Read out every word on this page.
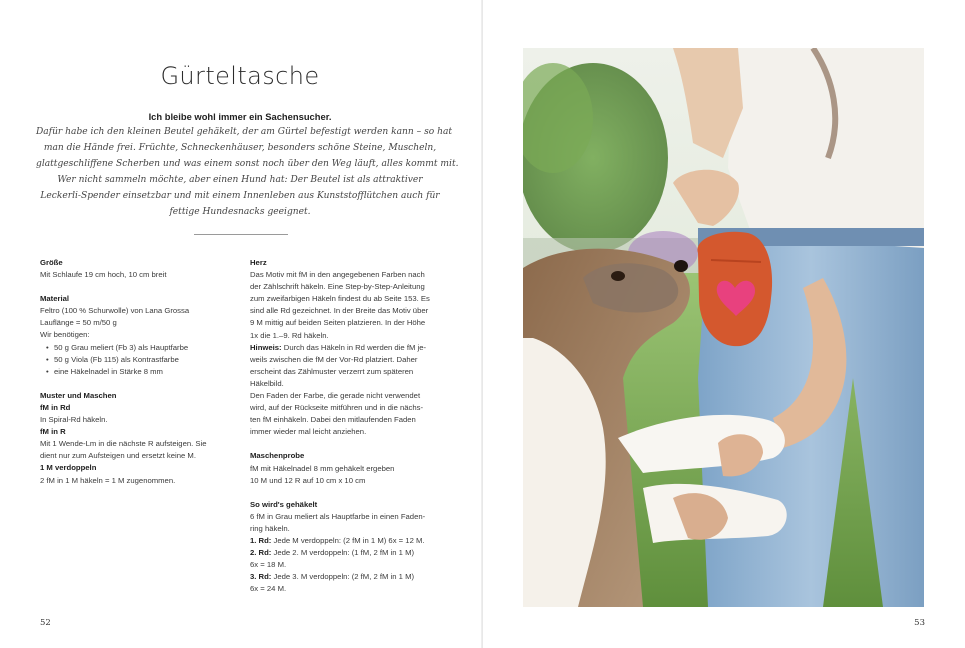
Gürteltasche
Ich bleibe wohl immer ein Sachensucher.
Dafür habe ich den kleinen Beutel gehäkelt, der am Gürtel befestigt werden kann – so hat
man die Hände frei. Früchte, Schneckenhäuser, besonders schöne Steine, Muscheln,
glattgeschliffene Scherben und was einem sonst noch über den Weg läuft, alles kommt mit.
Wer nicht sammeln möchte, aber einen Hund hat: Der Beutel ist als attraktiver
Leckerli-Spender einsetzbar und mit einem Innenleben aus Kunststofflütchen auch für
fettige Hundesnacks geeignet.
Größe
Mit Schlaufe 19 cm hoch, 10 cm breit
Material
Feltro (100 % Schurwolle) von Lana Grossa
Lauflänge = 50 m/50 g
Wir benötigen:
• 50 g Grau meliert (Fb 3) als Hauptfarbe
• 50 g Viola (Fb 115) als Kontrastfarbe
• eine Häkelnadel in Stärke 8 mm
Muster und Maschen
fM in Rd
In Spiral-Rd häkeln.
fM in R
Mit 1 Wende-Lm in die nächste R aufsteigen. Sie
dient nur zum Aufsteigen und ersetzt keine M.
1 M verdoppeln
2 fM in 1 M häkeln = 1 M zugenommen.
Herz
Das Motiv mit fM in den angegebenen Farben nach
der Zählschrift häkeln. Eine Step-by-Step-Anleitung
zum zweifarbigen Häkeln findest du ab Seite 153. Es
sind alle Rd gezeichnet. In der Breite das Motiv über
9 M mittig auf beiden Seiten platzieren. In der Höhe
1x die 1.–9. Rd häkeln.
Hinweis: Durch das Häkeln in Rd werden die fM je-
weils zwischen die fM der Vor-Rd platziert. Daher
erscheint das Zählmuster verzerrt zum späteren
Häkelbild.
Den Faden der Farbe, die gerade nicht verwendet
wird, auf der Rückseite mitführen und in die nächs-
ten fM einhäkeln. Dabei den mitlaufenden Faden
immer wieder mal leicht anziehen.
Maschenprobe
fM mit Häkelnadel 8 mm gehäkelt ergeben
10 M und 12 R auf 10 cm x 10 cm
So wird's gehäkelt
6 fM in Grau meliert als Hauptfarbe in einen Faden-
ring häkeln.
1. Rd: Jede M verdoppeln: (2 fM in 1 M) 6x = 12 M.
2. Rd: Jede 2. M verdoppeln: (1 fM, 2 fM in 1 M)
6x = 18 M.
3. Rd: Jede 3. M verdoppeln: (2 fM, 2 fM in 1 M)
6x = 24 M.
52	53
